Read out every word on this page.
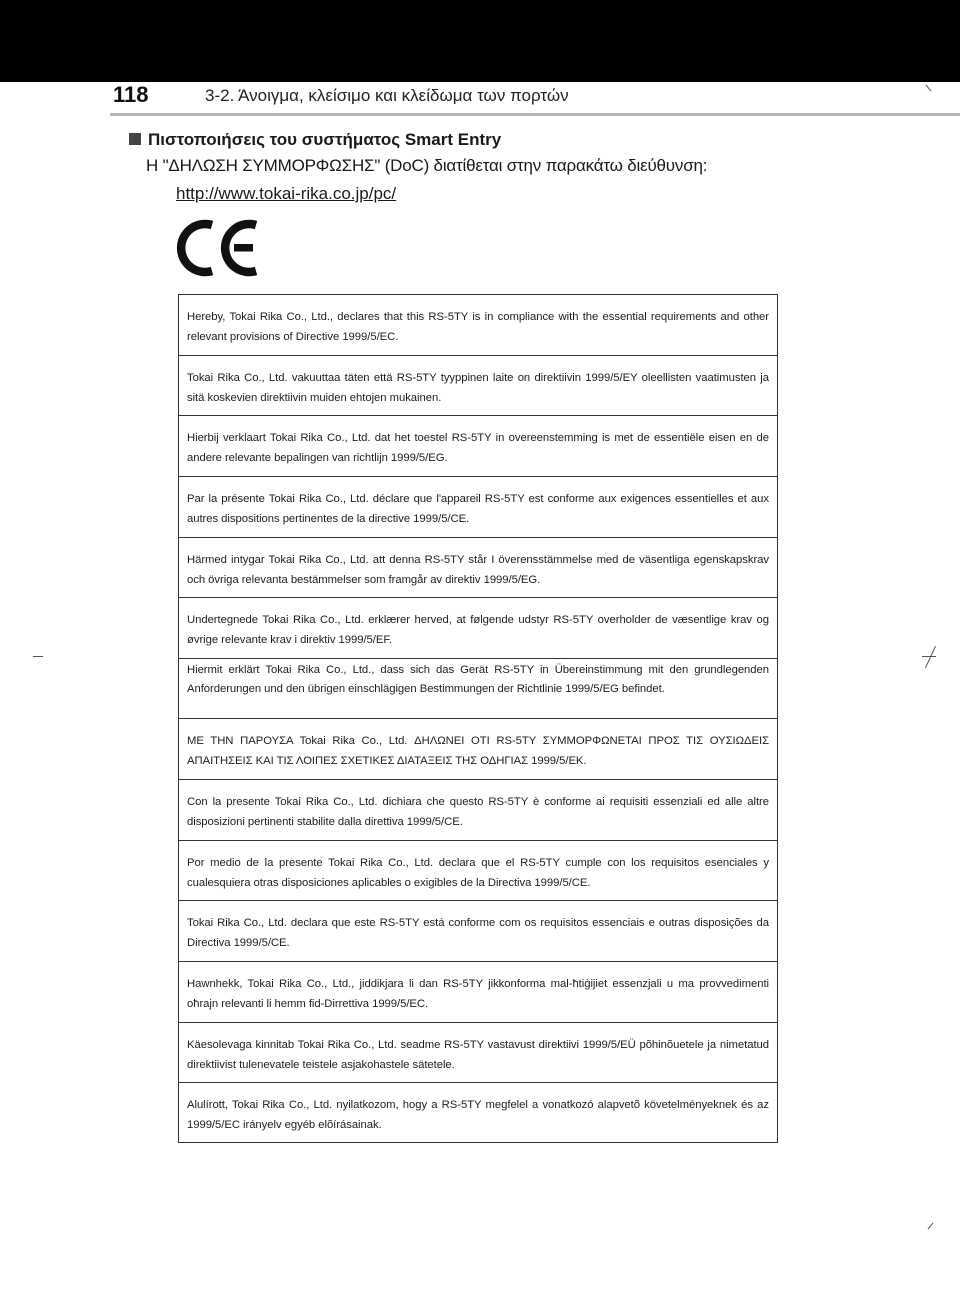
118	3-2. Άνοιγμα, κλείσιμο και κλείδωμα των πορτών
Πιστοποιήσεις του συστήματος Smart Entry
Η "ΔΗΛΩΣΗ ΣΥΜΜΟΡΦΩΣΗΣ" (DoC) διατίθεται στην παρακάτω διεύθυνση:
http://www.tokai-rika.co.jp/pc/
Hereby, Tokai Rika Co., Ltd., declares that this RS-5TY is in compliance with the essential requirements and other relevant provisions of Directive 1999/5/EC.
Tokai Rika Co., Ltd. vakuuttaa täten että RS-5TY tyyppinen laite on direktiivin 1999/5/EY oleellisten vaatimusten ja sitä koskevien direktiivin muiden ehtojen mukainen.
Hierbij verklaart Tokai Rika Co., Ltd. dat het toestel RS-5TY in overeenstemming is met de essentiële eisen en de andere relevante bepalingen van richtlijn 1999/5/EG.
Par la présente Tokai Rika Co., Ltd. déclare que l'appareil RS-5TY est conforme aux exigences essentielles et aux autres dispositions pertinentes de la directive 1999/5/CE.
Härmed intygar Tokai Rika Co., Ltd. att denna RS-5TY står I överensstämmelse med de väsentliga egenskapskrav och övriga relevanta bestämmelser som framgår av direktiv 1999/5/EG.
Undertegnede Tokai Rika Co., Ltd. erklærer herved, at følgende udstyr RS-5TY overholder de væsentlige krav og øvrige relevante krav i direktiv 1999/5/EF.
Hiermit erklärt Tokai Rika Co., Ltd., dass sich das Gerät RS-5TY in Übereinstimmung mit den grundlegenden Anforderungen und den übrigen einschlägigen Bestimmungen der Richtlinie 1999/5/EG befindet.
ΜΕ ΤΗΝ ΠΑΡΟΥΣΑ Tokai Rika Co., Ltd. ΔΗΛΩΝΕΙ ΟΤΙ RS-5TY ΣΥΜΜΟΡΦΩΝΕΤΑΙ ΠΡΟΣ ΤΙΣ ΟΥΣΙΩΔΕΙΣ ΑΠΑΙΤΗΣΕΙΣ ΚΑΙ ΤΙΣ ΛΟΙΠΕΣ ΣΧΕΤΙΚΕΣ ΔΙΑΤΑΞΕΙΣ ΤΗΣ ΟΔΗΓΙΑΣ 1999/5/ΕΚ.
Con la presente Tokai Rika Co., Ltd. dichiara che questo RS-5TY è conforme ai requisiti essenziali ed alle altre disposizioni pertinenti stabilite dalla direttiva 1999/5/CE.
Por medio de la presente Tokai Rika Co., Ltd. declara que el RS-5TY cumple con los requisitos esenciales y cualesquiera otras disposiciones aplicables o exigibles de la Directiva 1999/5/CE.
Tokai Rika Co., Ltd. declara que este RS-5TY está conforme com os requisitos essenciais e outras disposições da Directiva 1999/5/CE.
Hawnhekk, Tokai Rika Co., Ltd., jiddikjara li dan RS-5TY jikkonforma mal-ħtiġijiet essenzjali u ma provvedimenti oħrajn relevanti li hemm fid-Dirrettiva 1999/5/EC.
Käesolevaga kinnitab Tokai Rika Co., Ltd. seadme RS-5TY vastavust direktiivi 1999/5/EÜ põhinõuetele ja nimetatud direktiivist tulenevatele teistele asjakohastele sätetele.
Alulírott, Tokai Rika Co., Ltd. nyilatkozom, hogy a RS-5TY megfelel a vonatkozó alapvetõ követelményeknek és az 1999/5/EC irányelv egyéb elõírásainak.
